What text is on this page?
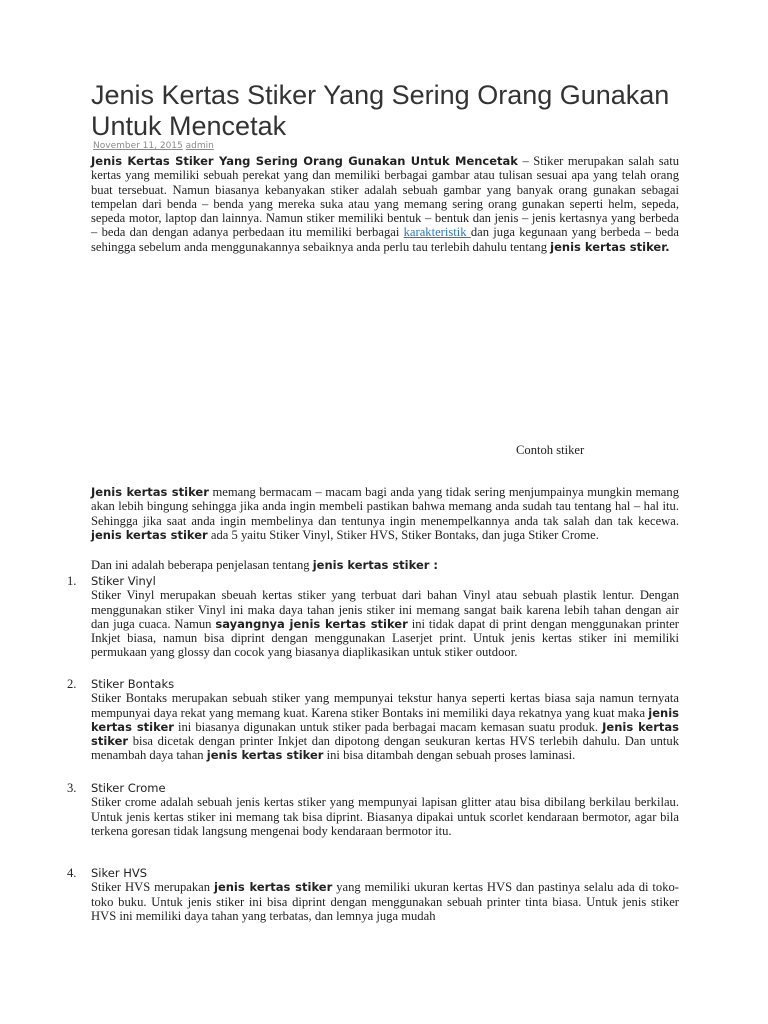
Jenis Kertas Stiker Yang Sering Orang Gunakan Untuk Mencetak
November 11, 2015 admin

Jenis Kertas Stiker Yang Sering Orang Gunakan Untuk Mencetak – Stiker merupakan salah satu kertas yang memiliki sebuah perekat yang dan memiliki berbagai gambar atau tulisan sesuai apa yang telah orang buat tersebuat. Namun biasanya kebanyakan stiker adalah sebuah gambar yang banyak orang gunakan sebagai tempelan dari benda – benda yang mereka suka atau yang memang sering orang gunakan seperti helm, sepeda, sepeda motor, laptop dan lainnya. Namun stiker memiliki bentuk – bentuk dan jenis – jenis kertasnya yang berbeda – beda dan dengan adanya perbedaan itu memiliki berbagai karakteristik dan juga kegunaan yang berbeda – beda sehingga sebelum anda menggunakannya sebaiknya anda perlu tau terlebih dahulu tentang jenis kertas stiker.

Contoh stiker

Jenis kertas stiker memang bermacam – macam bagi anda yang tidak sering menjumpainya mungkin memang akan lebih bingung sehingga jika anda ingin membeli pastikan bahwa memang anda sudah tau tentang hal – hal itu. Sehingga jika saat anda ingin membelinya dan tentunya ingin menempelkannya anda tak salah dan tak kecewa. jenis kertas stiker ada 5 yaitu Stiker Vinyl, Stiker HVS, Stiker Bontaks, dan juga Stiker Crome.

Dan ini adalah beberapa penjelasan tentang jenis kertas stiker :

1. Stiker Vinyl

Stiker Vinyl merupakan sbeuah kertas stiker yang terbuat dari bahan Vinyl atau sebuah plastik lentur. Dengan menggunakan stiker Vinyl ini maka daya tahan jenis stiker ini memang sangat baik karena lebih tahan dengan air dan juga cuaca. Namun sayangnya jenis kertas stiker ini tidak dapat di print dengan menggunakan printer Inkjet biasa, namun bisa diprint dengan menggunakan Laserjet print. Untuk jenis kertas stiker ini memiliki permukaan yang glossy dan cocok yang biasanya diaplikasikan untuk stiker outdoor.

2. Stiker Bontaks

Stiker Bontaks merupakan sebuah stiker yang mempunyai tekstur hanya seperti kertas biasa saja namun ternyata mempunyai daya rekat yang memang kuat. Karena stiker Bontaks ini memiliki daya rekatnya yang kuat maka jenis kertas stiker ini biasanya digunakan untuk stiker pada berbagai macam kemasan suatu produk. Jenis kertas stiker bisa dicetak dengan printer Inkjet dan dipotong dengan seukuran kertas HVS terlebih dahulu. Dan untuk menambah daya tahan jenis kertas stiker ini bisa ditambah dengan sebuah proses laminasi.

3. Stiker Crome

Stiker crome adalah sebuah jenis kertas stiker yang mempunyai lapisan glitter atau bisa dibilang berkilau berkilau. Untuk jenis kertas stiker ini memang tak bisa diprint. Biasanya dipakai untuk scorlet kendaraan bermotor, agar bila terkena goresan tidak langsung mengenai body kendaraan bermotor itu.

4. Siker HVS

Stiker HVS merupakan jenis kertas stiker yang memiliki ukuran kertas HVS dan pastinya selalu ada di toko-toko buku. Untuk jenis stiker ini bisa diprint dengan menggunakan sebuah printer tinta biasa. Untuk jenis stiker HVS ini memiliki daya tahan yang terbatas, dan lemnya juga mudah
